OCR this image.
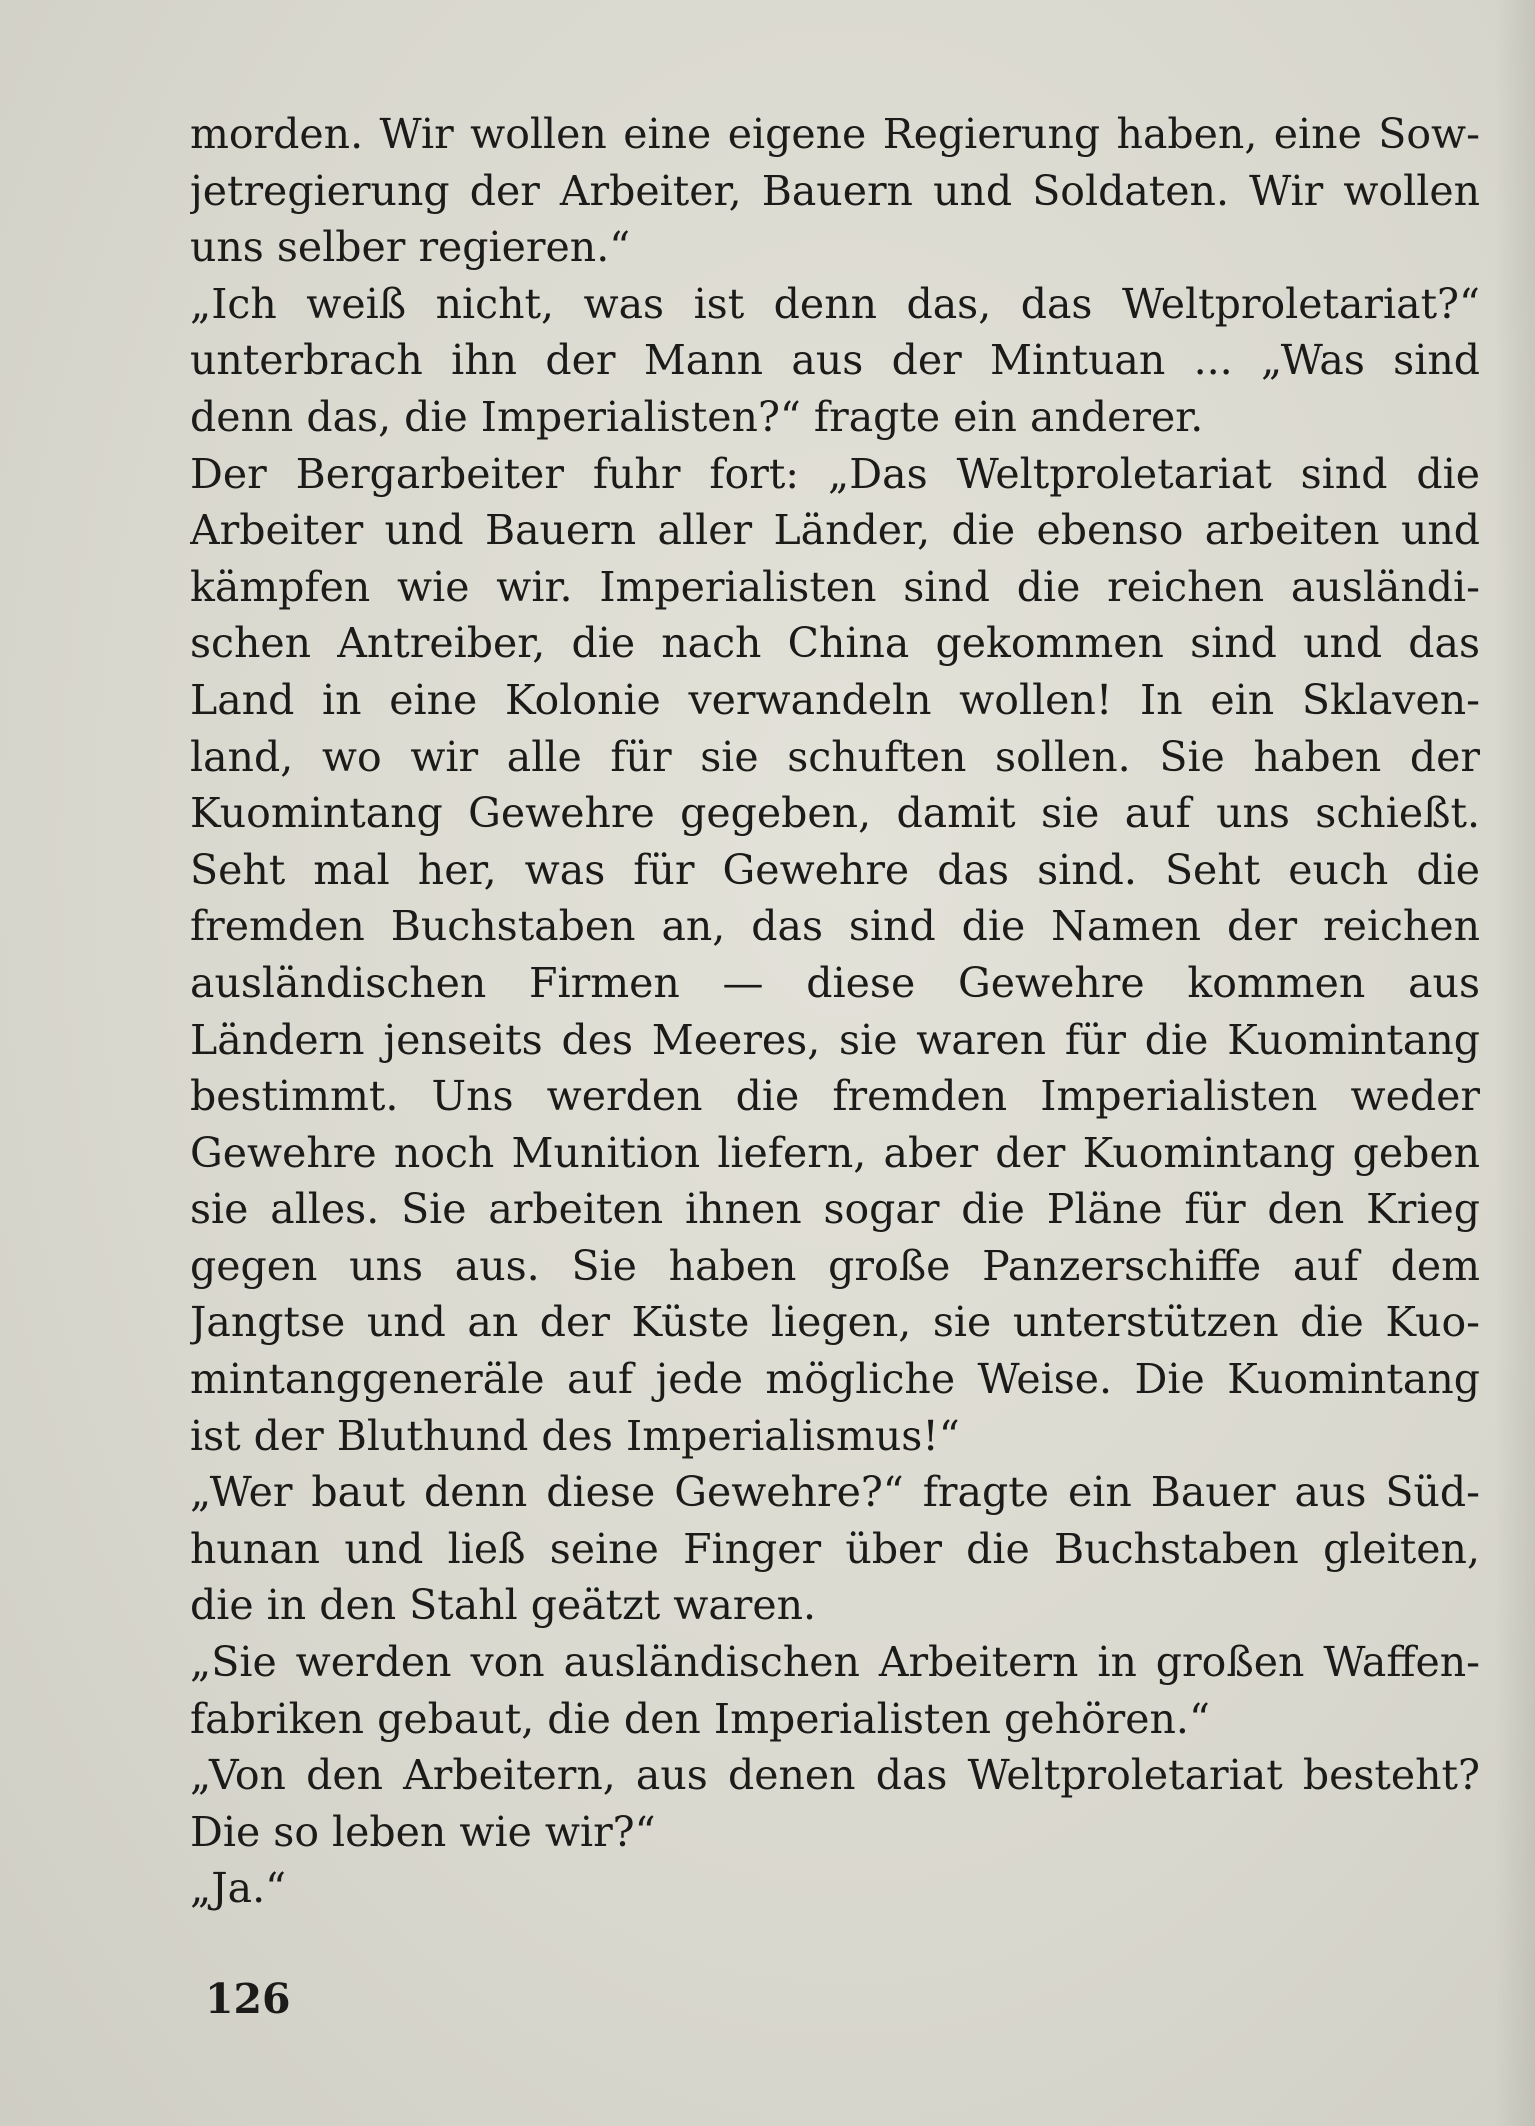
morden. Wir wollen eine eigene Regierung haben, eine Sow-
jetregierung der Arbeiter, Bauern und Soldaten. Wir wollen
uns selber regieren.“
„Ich weiß nicht, was ist denn das, das Weltproletariat?“
unterbrach ihn der Mann aus der Mintuan ... „Was sind
denn das, die Imperialisten?“ fragte ein anderer.
Der Bergarbeiter fuhr fort: „Das Weltproletariat sind die
Arbeiter und Bauern aller Länder, die ebenso arbeiten und
kämpfen wie wir. Imperialisten sind die reichen ausländi-
schen Antreiber, die nach China gekommen sind und das
Land in eine Kolonie verwandeln wollen! In ein Sklaven-
land, wo wir alle für sie schuften sollen. Sie haben der
Kuomintang Gewehre gegeben, damit sie auf uns schießt.
Seht mal her, was für Gewehre das sind. Seht euch die
fremden Buchstaben an, das sind die Namen der reichen
ausländischen Firmen — diese Gewehre kommen aus
Ländern jenseits des Meeres, sie waren für die Kuomintang
bestimmt. Uns werden die fremden Imperialisten weder
Gewehre noch Munition liefern, aber der Kuomintang geben
sie alles. Sie arbeiten ihnen sogar die Pläne für den Krieg
gegen uns aus. Sie haben große Panzerschiffe auf dem
Jangtse und an der Küste liegen, sie unterstützen die Kuo-
mintanggeneräle auf jede mögliche Weise. Die Kuomintang
ist der Bluthund des Imperialismus!“
„Wer baut denn diese Gewehre?“ fragte ein Bauer aus Süd-
hunan und ließ seine Finger über die Buchstaben gleiten,
die in den Stahl geätzt waren.
„Sie werden von ausländischen Arbeitern in großen Waffen-
fabriken gebaut, die den Imperialisten gehören.“
„Von den Arbeitern, aus denen das Weltproletariat besteht?
Die so leben wie wir?“
„Ja.“
126
